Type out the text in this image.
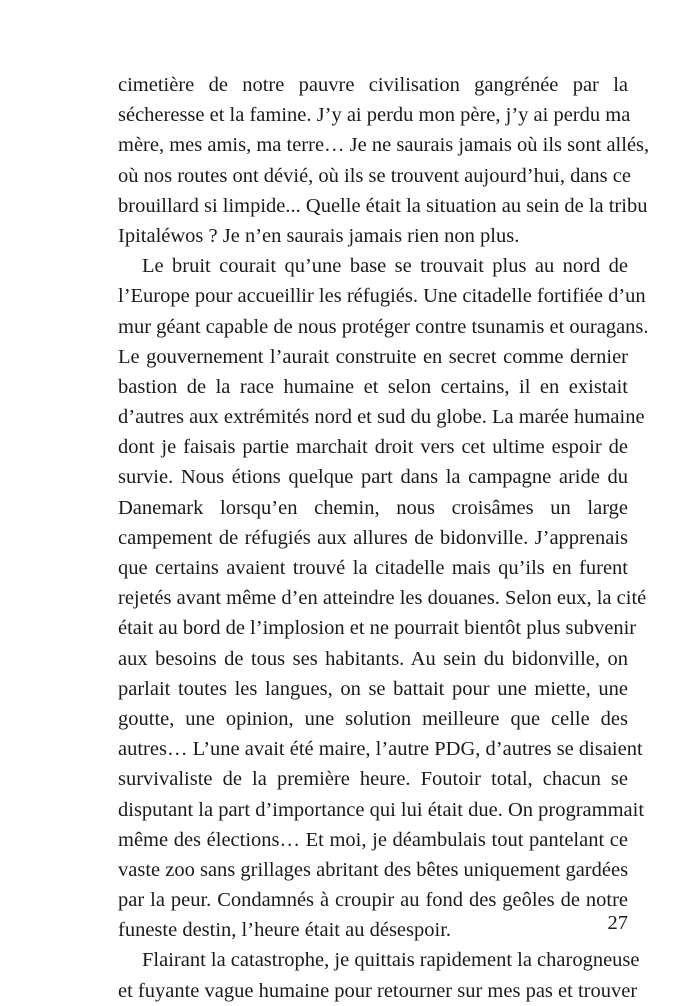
cimetière de notre pauvre civilisation gangrénée par la
sécheresse et la famine. J’y ai perdu mon père, j’y ai perdu ma
mère, mes amis, ma terre… Je ne saurais jamais où ils sont allés,
où nos routes ont dévié, où ils se trouvent aujourd’hui, dans ce
brouillard si limpide... Quelle était la situation au sein de la tribu
Ipitaléwos ? Je n’en saurais jamais rien non plus.
Le bruit courait qu’une base se trouvait plus au nord de
l’Europe pour accueillir les réfugiés. Une citadelle fortifiée d’un
mur géant capable de nous protéger contre tsunamis et ouragans.
Le gouvernement l’aurait construite en secret comme dernier
bastion de la race humaine et selon certains, il en existait
d’autres aux extrémités nord et sud du globe. La marée humaine
dont je faisais partie marchait droit vers cet ultime espoir de
survie. Nous étions quelque part dans la campagne aride du
Danemark lorsqu’en chemin, nous croisâmes un large
campement de réfugiés aux allures de bidonville. J’apprenais
que certains avaient trouvé la citadelle mais qu’ils en furent
rejetés avant même d’en atteindre les douanes. Selon eux, la cité
était au bord de l’implosion et ne pourrait bientôt plus subvenir
aux besoins de tous ses habitants. Au sein du bidonville, on
parlait toutes les langues, on se battait pour une miette, une
goutte, une opinion, une solution meilleure que celle des
autres… L’une avait été maire, l’autre PDG, d’autres se disaient
survivaliste de la première heure. Foutoir total, chacun se
disputant la part d’importance qui lui était due. On programmait
même des élections… Et moi, je déambulais tout pantelant ce
vaste zoo sans grillages abritant des bêtes uniquement gardées
par la peur. Condamnés à croupir au fond des geôles de notre
funeste destin, l’heure était au désespoir.
Flairant la catastrophe, je quittais rapidement la charogneuse
et fuyante vague humaine pour retourner sur mes pas et trouver
27
